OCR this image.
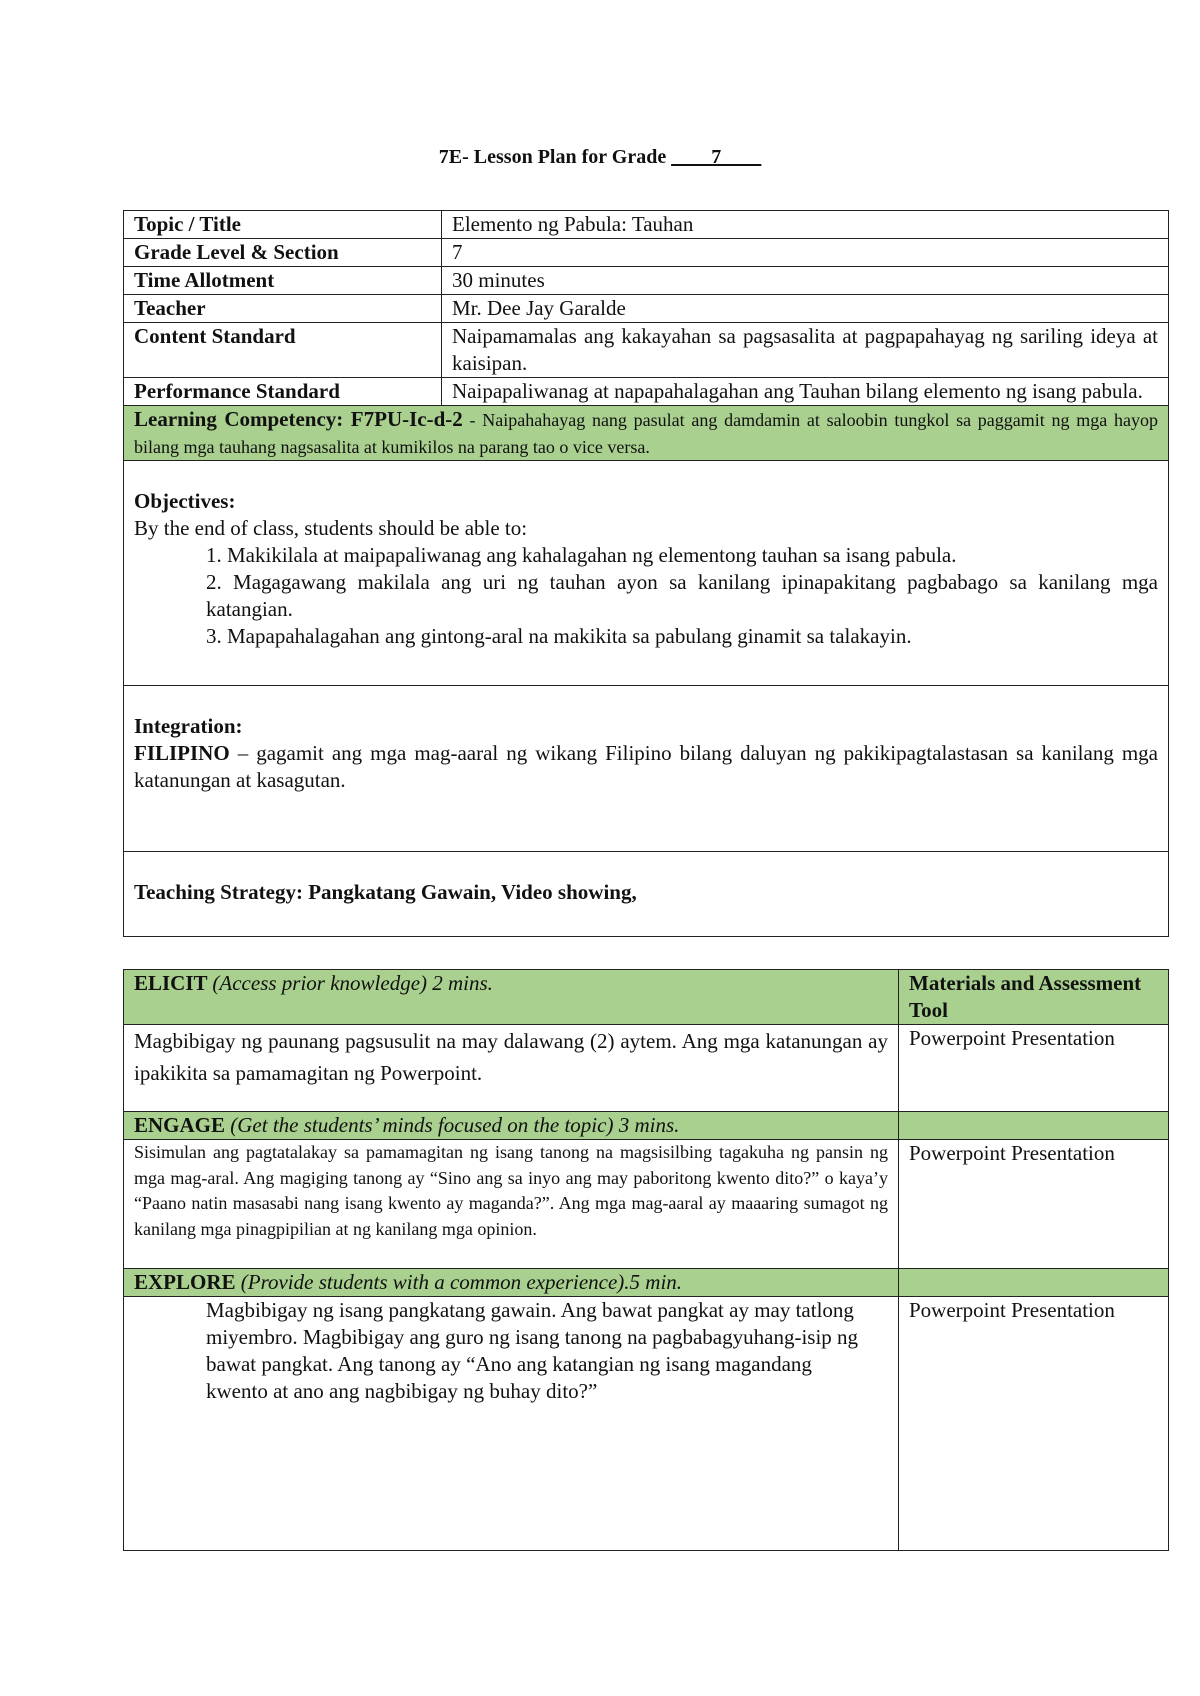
7E- Lesson Plan for Grade ____7____
Topic / Title	Elemento ng Pabula: Tauhan
Grade Level & Section	7
Time Allotment	30 minutes
Teacher	Mr. Dee Jay Garalde
Content Standard	Naipamamalas ang kakayahan sa pagsasalita at pagpapahayag ng sariling ideya at kaisipan.
Performance Standard	Naipapaliwanag at napapahalagahan ang Tauhan bilang elemento ng isang pabula.
Learning Competency: F7PU-Ic-d-2 - Naipahahayag nang pasulat ang damdamin at saloobin tungkol sa paggamit ng mga hayop bilang mga tauhang nagsasalita at kumikilos na parang tao o vice versa.	

Objectives:
By the end of class, students should be able to:
1. Makikilala at maipapaliwanag ang kahalagahan ng elementong tauhan sa isang pabula.
2. Magagawang makilala ang uri ng tauhan ayon sa kanilang ipinapakitang pagbabago sa kanilang mga katangian.
3. Mapapahalagahan ang gintong-aral na makikita sa pabulang ginamit sa talakayin.	

Integration:
FILIPINO – gagamit ang mga mag-aaral ng wikang Filipino bilang daluyan ng pakikipagtalastasan sa kanilang mga katanungan at kasagutan.	

Teaching Strategy: Pangkatang Gawain, Video showing,	
ELICIT (Access prior knowledge) 2 mins.	Materials and Assessment Tool
Magbibigay ng paunang pagsusulit na may dalawang (2) aytem. Ang mga katanungan ay ipakikita sa pamamagitan ng Powerpoint.	Powerpoint Presentation
ENGAGE (Get the students’ minds focused on the topic) 3 mins.	
Sisimulan ang pagtatalakay sa pamamagitan ng isang tanong na magsisilbing tagakuha ng pansin ng mga mag-aral. Ang magiging tanong ay “Sino ang sa inyo ang may paboritong kwento dito?” o kaya’y “Paano natin masasabi nang isang kwento ay maganda?”. Ang mga mag-aaral ay maaaring sumagot ng kanilang mga pinagpipilian at ng kanilang mga opinion.	Powerpoint Presentation
EXPLORE (Provide students with a common experience).5 min.	
Magbibigay ng isang pangkatang gawain. Ang bawat pangkat ay may tatlong miyembro. Magbibigay ang guro ng isang tanong na pagbabagyuhang-isip ng bawat pangkat. Ang tanong ay “Ano ang katangian ng isang magandang kwento at ano ang nagbibigay ng buhay dito?”	Powerpoint Presentation
